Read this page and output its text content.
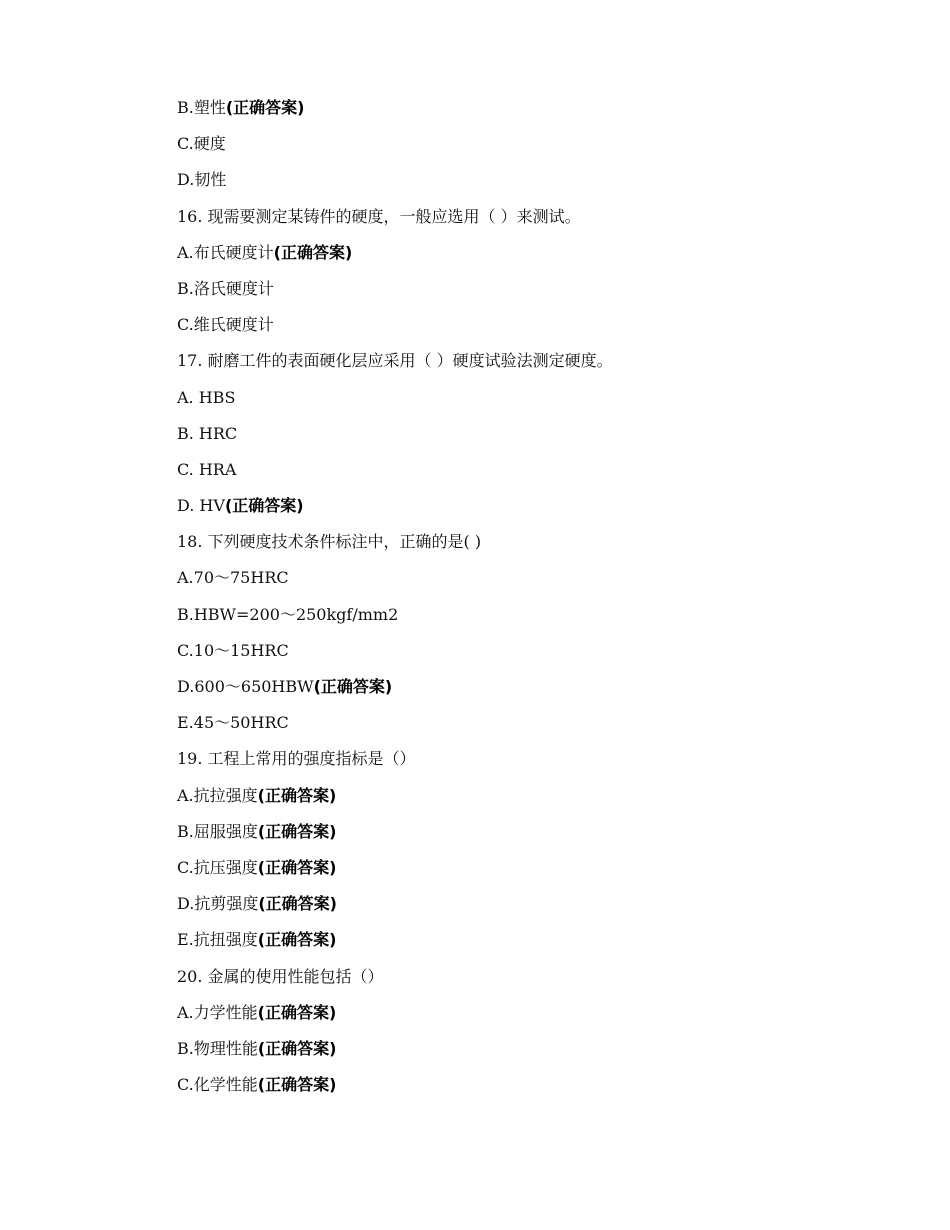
B.塑性(正确答案)
C.硬度
D.韧性
16. 现需要测定某铸件的硬度，一般应选用（ ）来测试。
A.布氏硬度计(正确答案)
B.洛氏硬度计
C.维氏硬度计
17. 耐磨工件的表面硬化层应采用（ ）硬度试验法测定硬度。
A. HBS
B. HRC
C. HRA
D. HV(正确答案)
18. 下列硬度技术条件标注中，正确的是( )
A.70～75HRC
B.HBW=200～250kgf/mm2
C.10～15HRC
D.600～650HBW(正确答案)
E.45～50HRC
19. 工程上常用的强度指标是（）
A.抗拉强度(正确答案)
B.屈服强度(正确答案)
C.抗压强度(正确答案)
D.抗剪强度(正确答案)
E.抗扭强度(正确答案)
20. 金属的使用性能包括（）
A.力学性能(正确答案)
B.物理性能(正确答案)
C.化学性能(正确答案)
